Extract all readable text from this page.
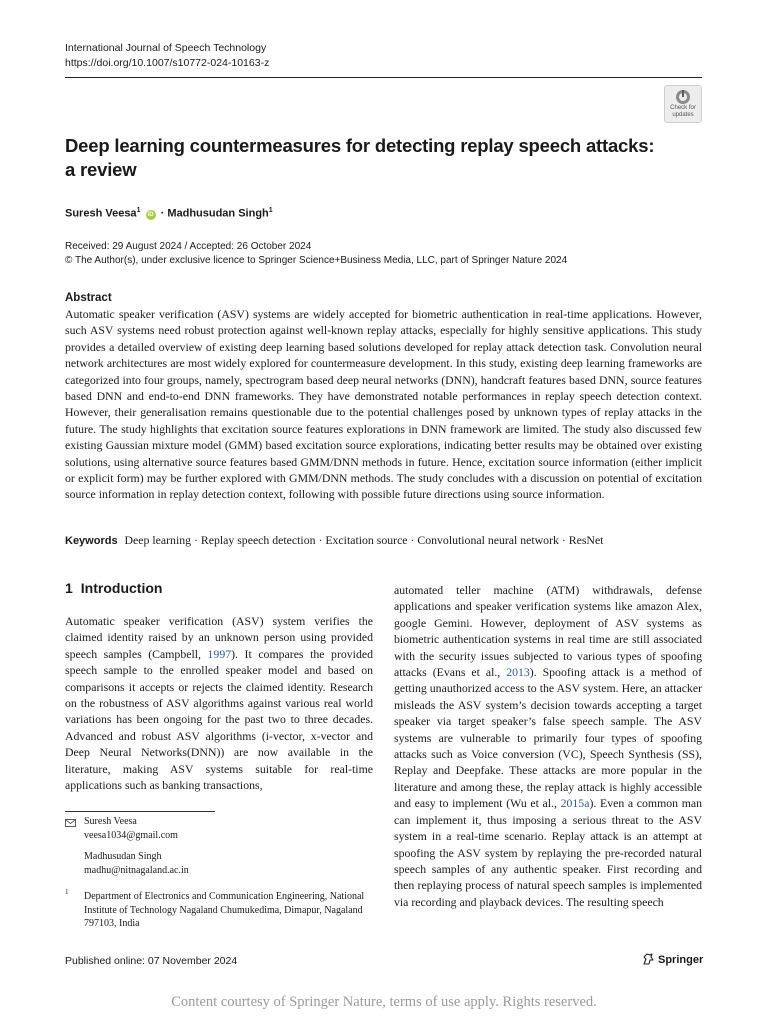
International Journal of Speech Technology
https://doi.org/10.1007/s10772-024-10163-z
Check for
updates
Deep learning countermeasures for detecting replay speech attacks: a review
Suresh Veesa$^1$ iD · Madhusudan Singh$^1$
Received: 29 August 2024 / Accepted: 26 October 2024
© The Author(s), under exclusive licence to Springer Science+Business Media, LLC, part of Springer Nature 2024
Abstract

Automatic speaker verification (ASV) systems are widely accepted for biometric authentication in real-time applications. However, such ASV systems need robust protection against well-known replay attacks, especially for highly sensitive applications. This study provides a detailed overview of existing deep learning based solutions developed for replay attack detection task. Convolution neural network architectures are most widely explored for countermeasure development. In this study, existing deep learning frameworks are categorized into four groups, namely, spectrogram based deep neural networks (DNN), handcraft features based DNN, source features based DNN and end-to-end DNN frameworks. They have demonstrated notable performances in replay speech detection context. However, their generalisation remains questionable due to the potential challenges posed by unknown types of replay attacks in the future. The study highlights that excitation source features explorations in DNN framework are limited. The study also discussed few existing Gaussian mixture model (GMM) based excitation source explorations, indicating better results may be obtained over existing solutions, using alternative source features based GMM/DNN methods in future. Hence, excitation source information (either implicit or explicit form) may be further explored with GMM/DNN methods. The study concludes with a discussion on potential of excitation source information in replay detection context, following with possible future directions using source information.

Keywords Deep learning · Replay speech detection · Excitation source · Convolutional neural network · ResNet
1 Introduction

Automatic speaker verification (ASV) system verifies the claimed identity raised by an unknown person using provided speech samples (Campbell, 1997). It compares the provided speech sample to the enrolled speaker model and based on comparisons it accepts or rejects the claimed identity. Research on the robustness of ASV algorithms against various real world variations has been ongoing for the past two to three decades. Advanced and robust ASV algorithms (i-vector, x-vector and Deep Neural Networks(DNN)) are now available in the literature, making ASV systems suitable for real-time applications such as banking transactions,

automated teller machine (ATM) withdrawals, defense applications and speaker verification systems like amazon Alex, google Gemini. However, deployment of ASV systems as biometric authentication systems in real time are still associated with the security issues subjected to various types of spoofing attacks (Evans et al., 2013). Spoofing attack is a method of getting unauthorized access to the ASV system. Here, an attacker misleads the ASV system’s decision towards accepting a target speaker via target speaker’s false speech sample. The ASV systems are vulnerable to primarily four types of spoofing attacks such as Voice conversion (VC), Speech Synthesis (SS), Replay and Deepfake. These attacks are more popular in the literature and among these, the replay attack is highly accessible and easy to implement (Wu et al., 2015a). Even a common man can implement it, thus imposing a serious threat to the ASV system in a real-time scenario. Replay attack is an attempt at spoofing the ASV system by replaying the pre-recorded natural speech samples of any authentic speaker. First recording and then replaying process of natural speech samples is implemented via recording and playback devices. The resulting speech

Suresh Veesa
veesa1034@gmail.com
Madhusudan Singh
madhu@nitnagaland.ac.in
1 Department of Electronics and Communication Engineering, National Institute of Technology Nagaland Chumukedima, Dimapur, Nagaland 797103, India
Published online: 07 November 2024	Springer
Content courtesy of Springer Nature, terms of use apply. Rights reserved.
